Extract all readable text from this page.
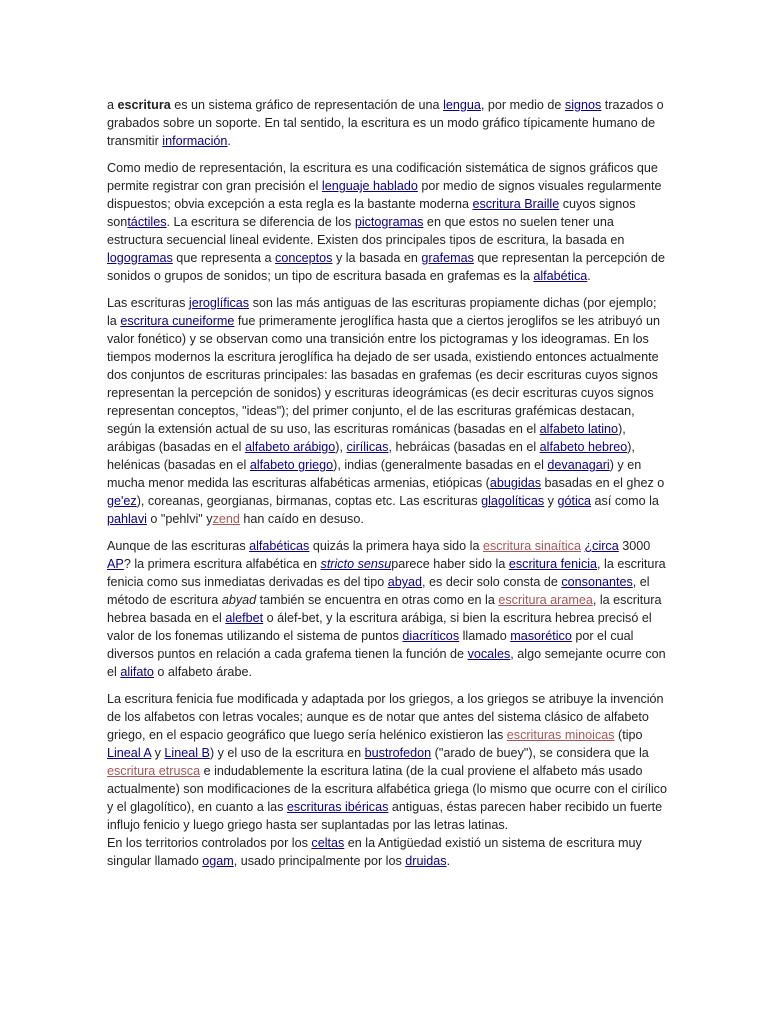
a escritura es un sistema gráfico de representación de una lengua, por medio de signos trazados o grabados sobre un soporte. En tal sentido, la escritura es un modo gráfico típicamente humano de transmitir información.

Como medio de representación, la escritura es una codificación sistemática de signos gráficos que permite registrar con gran precisión el lenguaje hablado por medio de signos visuales regularmente dispuestos; obvia excepción a esta regla es la bastante moderna escritura Braille cuyos signos sontáctiles. La escritura se diferencia de los pictogramas en que estos no suelen tener una estructura secuencial lineal evidente. Existen dos principales tipos de escritura, la basada en logogramas que representa a conceptos y la basada en grafemas que representan la percepción de sonidos o grupos de sonidos; un tipo de escritura basada en grafemas es la alfabética.

Las escrituras jeroglíficas son las más antiguas de las escrituras propiamente dichas (por ejemplo; la escritura cuneiforme fue primeramente jeroglífica hasta que a ciertos jeroglifos se les atribuyó un valor fonético) y se observan como una transición entre los pictogramas y los ideogramas. En los tiempos modernos la escritura jeroglífica ha dejado de ser usada, existiendo entonces actualmente dos conjuntos de escrituras principales: las basadas en grafemas (es decir escrituras cuyos signos representan la percepción de sonidos) y escrituras ideográmicas (es decir escrituras cuyos signos representan conceptos, "ideas"); del primer conjunto, el de las escrituras grafémicas destacan, según la extensión actual de su uso, las escrituras románicas (basadas en el alfabeto latino), arábigas (basadas en el alfabeto arábigo), cirílicas, hebráicas (basadas en el alfabeto hebreo), helénicas (basadas en el alfabeto griego), indias (generalmente basadas en el devanagari) y en mucha menor medida las escrituras alfabéticas armenias, etiópicas (abugidas basadas en el ghez o ge'ez), coreanas, georgianas, birmanas, coptas etc. Las escrituras glagolíticas y gótica así como la pahlavi o "pehlvi" yzend han caído en desuso.

Aunque de las escrituras alfabéticas quizás la primera haya sido la escritura sinaítica ¿circa 3000 AP? la primera escritura alfabética en stricto sensuparece haber sido la escritura fenicia, la escritura fenicia como sus inmediatas derivadas es del tipo abyad, es decir solo consta de consonantes, el método de escritura abyad también se encuentra en otras como en la escritura aramea, la escritura hebrea basada en el alefbet o álef-bet, y la escritura arábiga, si bien la escritura hebrea precisó el valor de los fonemas utilizando el sistema de puntos diacríticos llamado masorético por el cual diversos puntos en relación a cada grafema tienen la función de vocales, algo semejante ocurre con el alifato o alfabeto árabe.

La escritura fenicia fue modificada y adaptada por los griegos, a los griegos se atribuye la invención de los alfabetos con letras vocales; aunque es de notar que antes del sistema clásico de alfabeto griego, en el espacio geográfico que luego sería helénico existieron las escrituras minoicas (tipo Lineal A y Lineal B) y el uso de la escritura en bustrofedon ("arado de buey"), se considera que la escritura etrusca e indudablemente la escritura latina (de la cual proviene el alfabeto más usado actualmente) son modificaciones de la escritura alfabética griega (lo mismo que ocurre con el cirílico y el glagolítico), en cuanto a las escrituras ibéricas antiguas, éstas parecen haber recibido un fuerte influjo fenicio y luego griego hasta ser suplantadas por las letras latinas.
En los territorios controlados por los celtas en la Antigüedad existió un sistema de escritura muy singular llamado ogam, usado principalmente por los druidas.
